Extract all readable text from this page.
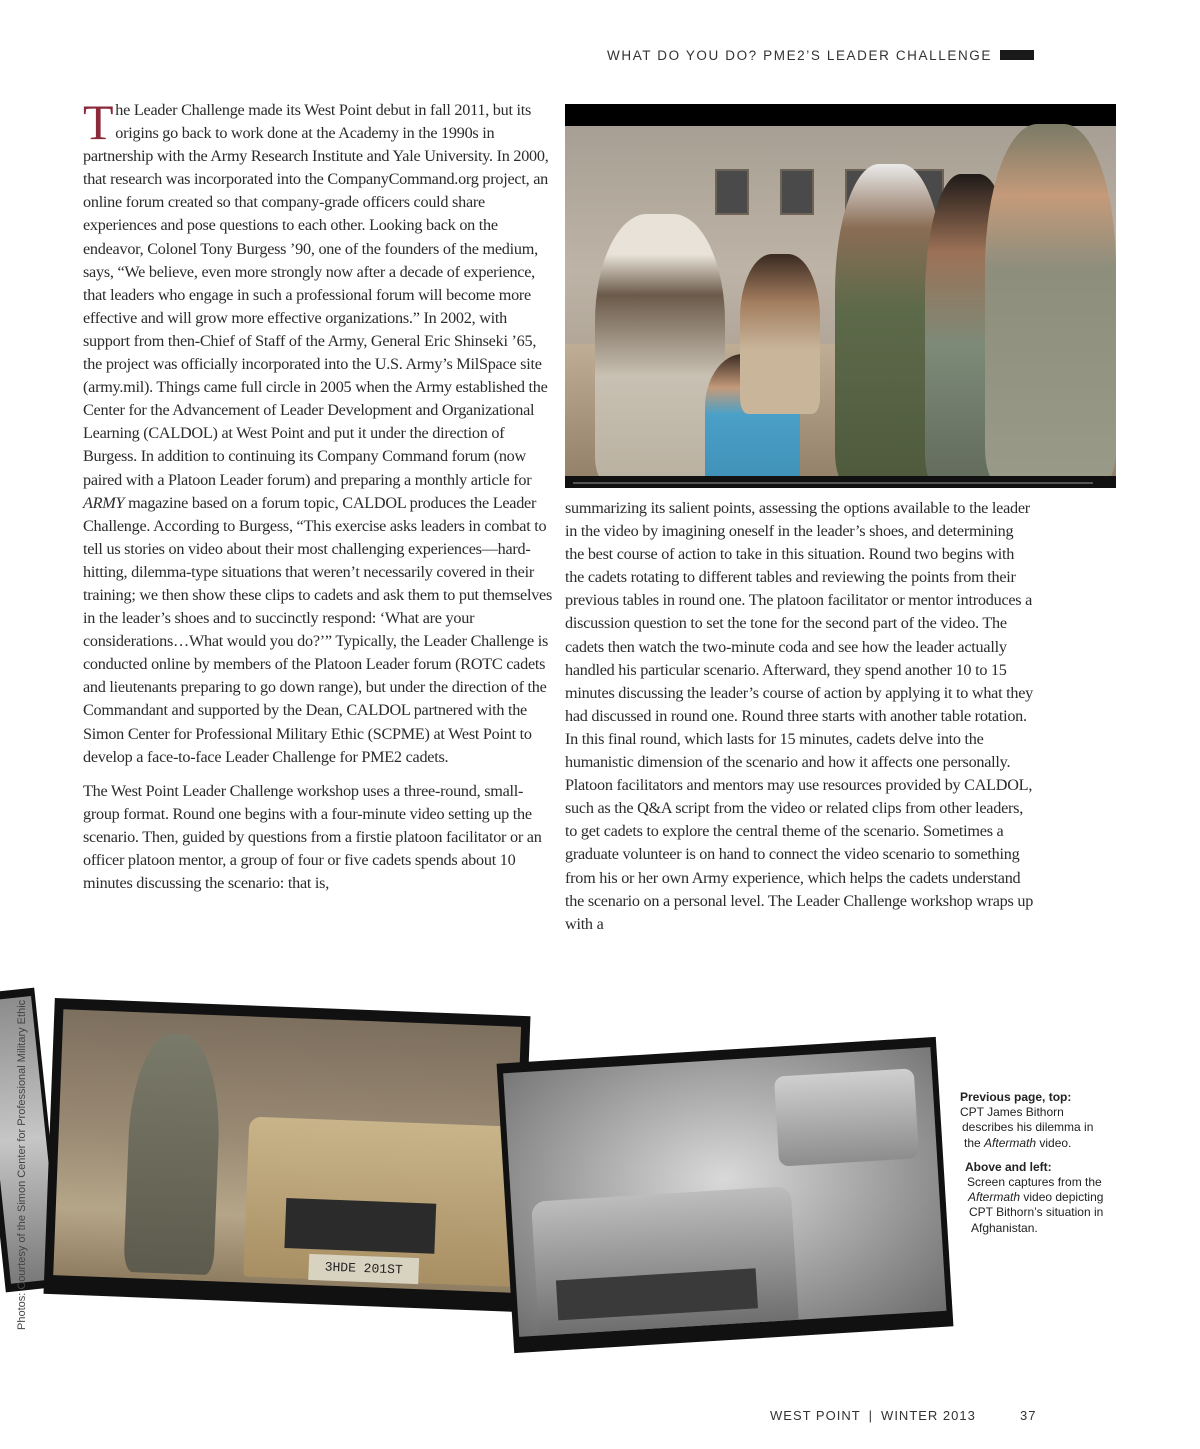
WHAT DO YOU DO? PME2’S LEADER CHALLENGE

The Leader Challenge made its West Point debut in fall 2011, but its origins go back to work done at the Academy in the 1990s in partnership with the Army Research Institute and Yale University. In 2000, that research was incorporated into the CompanyCommand.org project, an online forum created so that company-grade officers could share experiences and pose questions to each other. Looking back on the endeavor, Colonel Tony Burgess ’90, one of the founders of the medium, says, “We believe, even more strongly now after a decade of experience, that leaders who engage in such a professional forum will become more effective and will grow more effective organizations.” In 2002, with support from then-Chief of Staff of the Army, General Eric Shinseki ’65, the project was officially incorporated into the U.S. Army’s MilSpace site (army.mil). Things came full circle in 2005 when the Army established the Center for the Advancement of Leader Development and Organizational Learning (CALDOL) at West Point and put it under the direction of Burgess. In addition to continuing its Company Command forum (now paired with a Platoon Leader forum) and preparing a monthly article for ARMY magazine based on a forum topic, CALDOL produces the Leader Challenge. According to Burgess, “This exercise asks leaders in combat to tell us stories on video about their most challenging experiences—hard-hitting, dilemma-type situations that weren’t necessarily covered in their training; we then show these clips to cadets and ask them to put themselves in the leader’s shoes and to succinctly respond: ‘What are your considerations…What would you do?’” Typically, the Leader Challenge is conducted online by members of the Platoon Leader forum (ROTC cadets and lieutenants preparing to go down range), but under the direction of the Commandant and supported by the Dean, CALDOL partnered with the Simon Center for Professional Military Ethic (SCPME) at West Point to develop a face-to-face Leader Challenge for PME2 cadets.

The West Point Leader Challenge workshop uses a three-round, small-group format. Round one begins with a four-minute video setting up the scenario. Then, guided by questions from a firstie platoon facilitator or an officer platoon mentor, a group of four or five cadets spends about 10 minutes discussing the scenario: that is,

summarizing its salient points, assessing the options available to the leader in the video by imagining oneself in the leader’s shoes, and determining the best course of action to take in this situation. Round two begins with the cadets rotating to different tables and reviewing the points from their previous tables in round one. The platoon facilitator or mentor introduces a discussion question to set the tone for the second part of the video. The cadets then watch the two-minute coda and see how the leader actually handled his particular scenario. Afterward, they spend another 10 to 15 minutes discussing the leader’s course of action by applying it to what they had discussed in round one. Round three starts with another table rotation. In this final round, which lasts for 15 minutes, cadets delve into the humanistic dimension of the scenario and how it affects one personally. Platoon facilitators and mentors may use resources provided by CALDOL, such as the Q&A script from the video or related clips from other leaders, to get cadets to explore the central theme of the scenario. Sometimes a graduate volunteer is on hand to connect the video scenario to something from his or her own Army experience, which helps the cadets understand the scenario on a personal level. The Leader Challenge workshop wraps up with a

3HDE 201ST
Photos: Courtesy of the Simon Center for Professional Military Ethic	Previous page, top:
CPT James Bithorn
describes his dilemma in
the Aftermath video.
Above and left:
Screen captures from the
Aftermath video depicting
CPT Bithorn’s situation in
Afghanistan.
WEST POINT | WINTER 2013	37
